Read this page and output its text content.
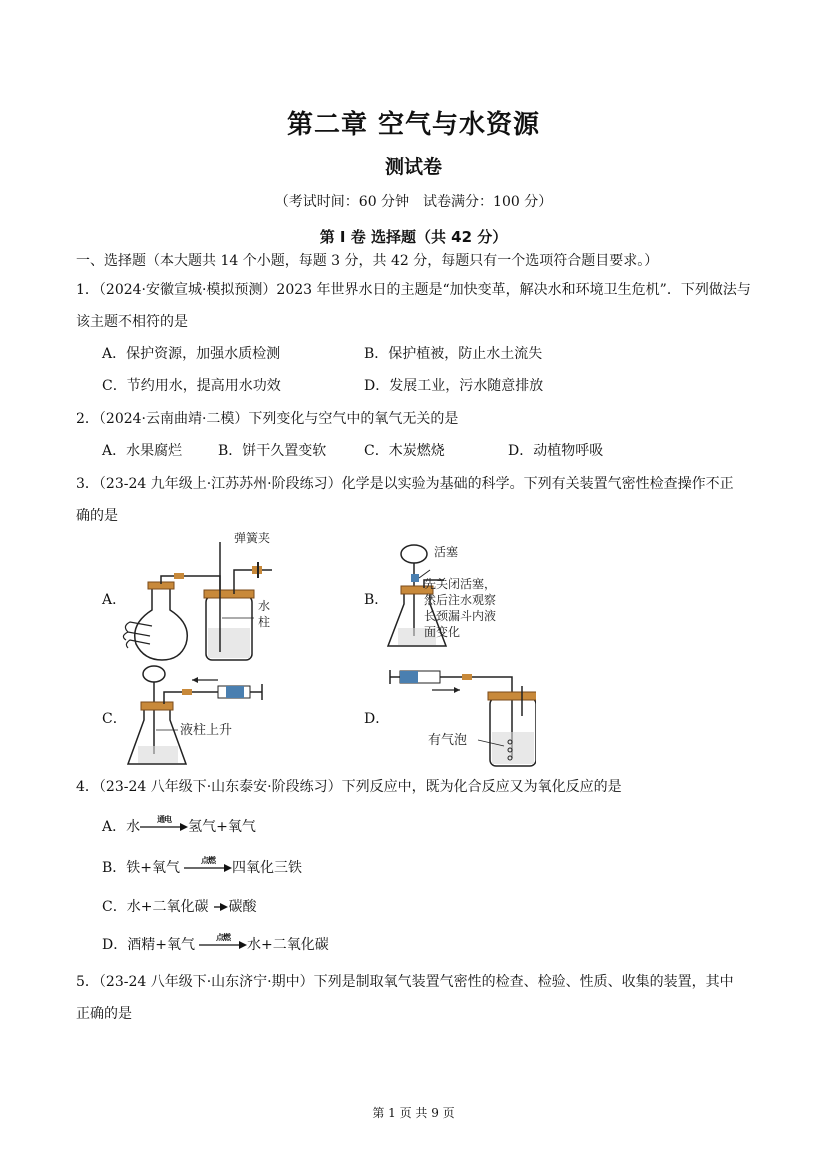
第二章 空气与水资源
测试卷
（考试时间：60 分钟　试卷满分：100 分）
第 I 卷 选择题（共 42 分）
一、选择题（本大题共 14 个小题，每题 3 分，共 42 分，每题只有一个选项符合题目要求。）
1．（2024·安徽宣城·模拟预测）2023 年世界水日的主题是“加快变革，解决水和环境卫生危机”．下列做法与
该主题不相符的是
A．保护资源，加强水质检测	B．保护植被，防止水土流失
C．节约用水，提高用水功效	D．发展工业，污水随意排放
2．（2024·云南曲靖·二模）下列变化与空气中的氧气无关的是
A．水果腐烂	B．饼干久置变软	C．木炭燃烧	D．动植物呼吸
3．（23-24 九年级上·江苏苏州·阶段练习）化学是以实验为基础的科学。下列有关装置气密性检查操作不正
确的是
A．	B．
C．	D．
弹簧夹
水
柱
活塞
先关闭活塞，
然后注水观察
长颈漏斗内液
面变化
液柱上升
有气泡
4．（23-24 八年级下·山东泰安·阶段练习）下列反应中，既为化合反应又为氧化反应的是
A．水	通电	氢气+氧气
B．铁+氧气	点燃	四氧化三铁
C．水+二氧化碳 →碳酸
D．酒精+氧气	点燃	水+二氧化碳
5．（23-24 八年级下·山东济宁·期中）下列是制取氧气装置气密性的检查、检验、性质、收集的装置，其中
正确的是
第 1 页 共 9 页
